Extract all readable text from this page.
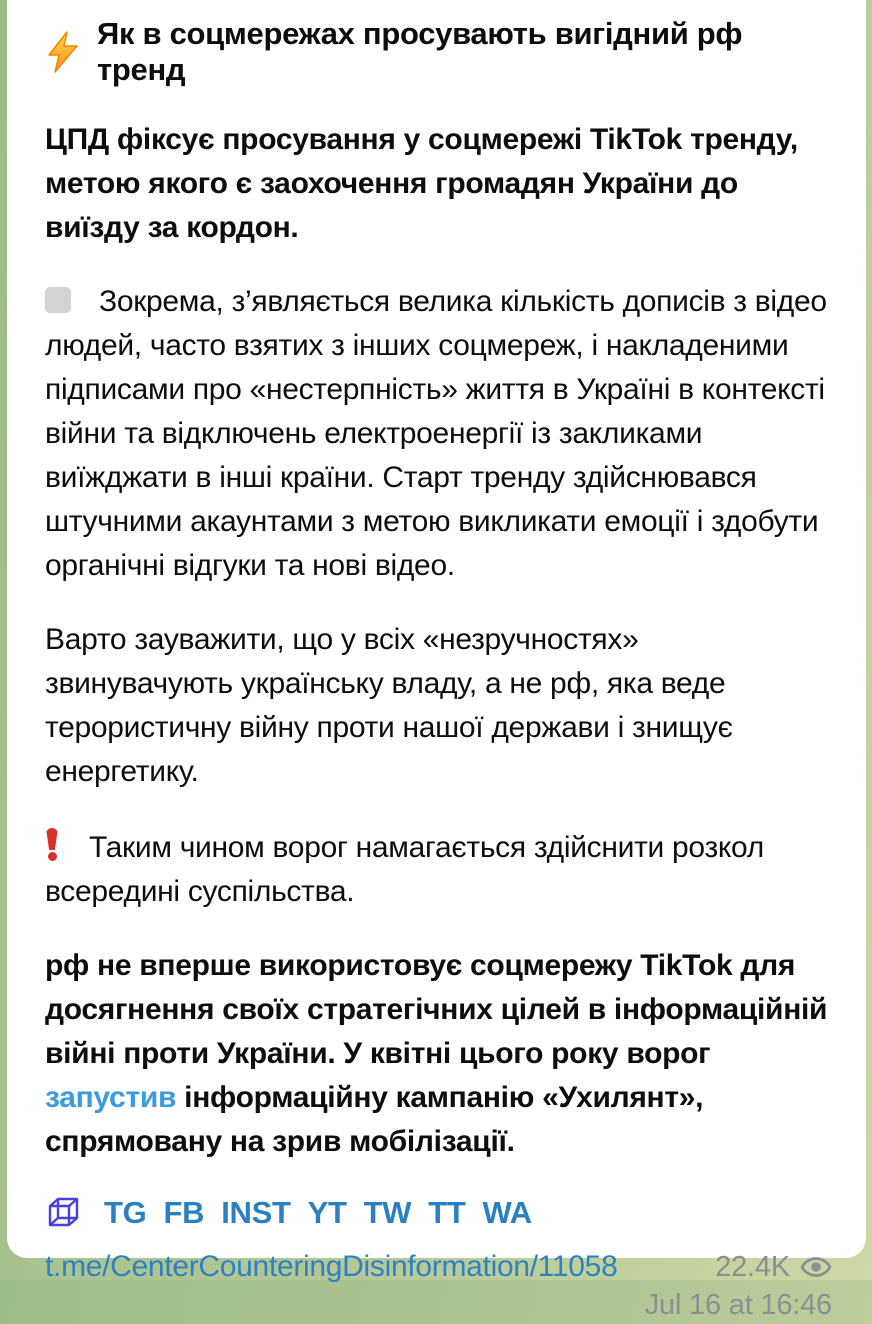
Як в соцмережах просувають вигідний рф тренд

ЦПД фіксує просування у соцмережі TikTok тренду, метою якого є заохочення громадян України до виїзду за кордон.

Зокрема, з’являється велика кількість дописів з відео людей, часто взятих з інших соцмереж, і накладеними підписами про «нестерпність» життя в Україні в контексті війни та відключень електроенергії із закликами виїжджати в інші країни. Старт тренду здійснювався штучними акаунтами з метою викликати емоції і здобути органічні відгуки та нові відео.

Варто зауважити, що у всіх «незручностях» звинувачують українську владу, а не рф, яка веде терористичну війну проти нашої держави і знищує енергетику.

Таким чином ворог намагається здійснити розкол всередині суспільства.

рф не вперше використовує соцмережу TikTok для досягнення своїх стратегічних цілей в інформаційній війні проти України. У квітні цього року ворог запустив інформаційну кампанію «Ухилянт», спрямовану на зрив мобілізації.

TG FB INST YT TW TT WA
t.me/CenterCounteringDisinformation/11058	22.4K
Jul 16 at 16:46
